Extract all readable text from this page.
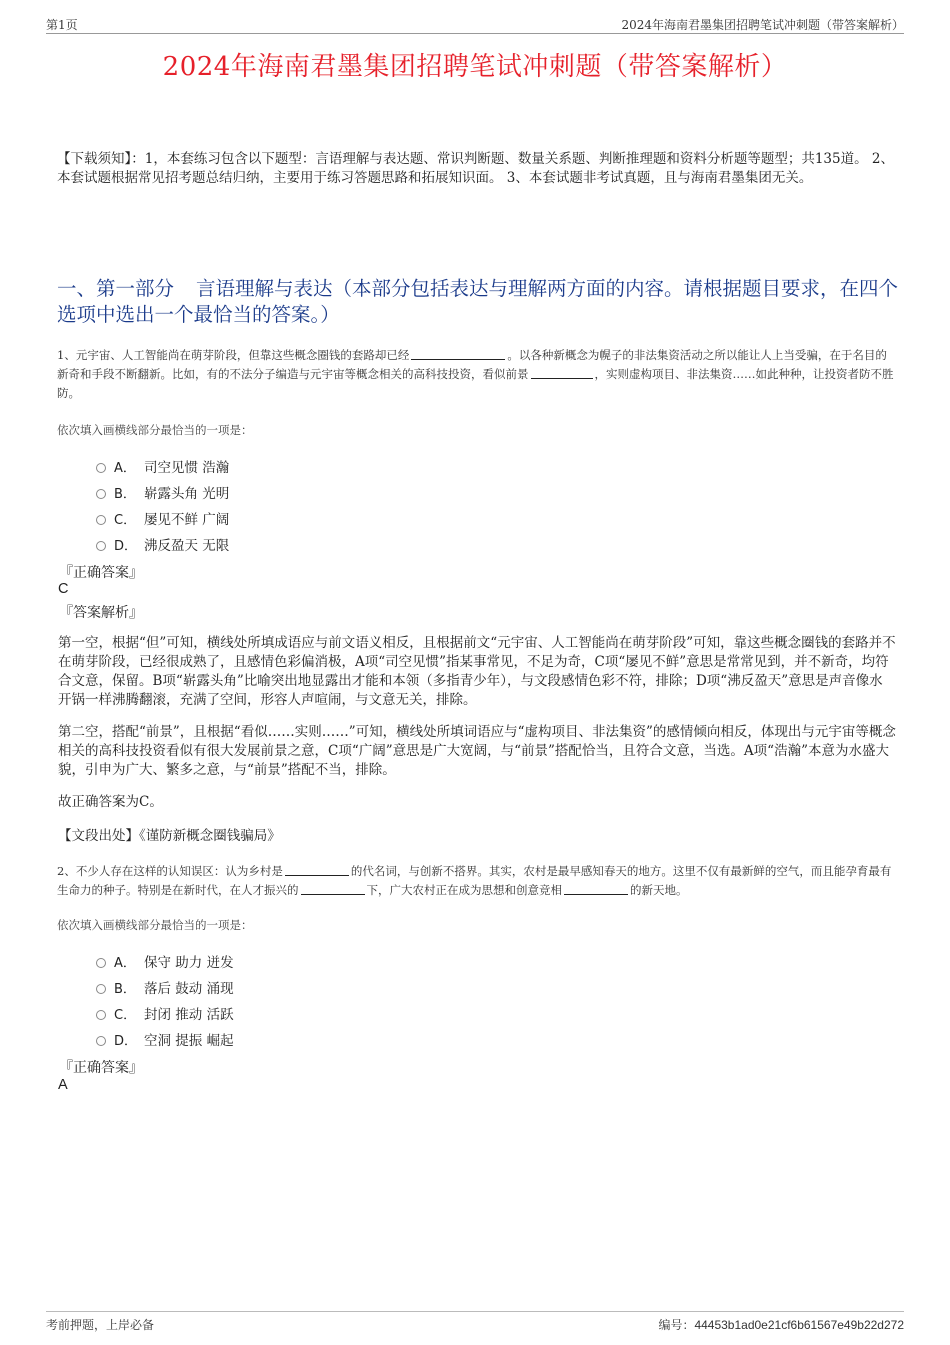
第1页	2024年海南君墨集团招聘笔试冲刺题（带答案解析）
2024年海南君墨集团招聘笔试冲刺题（带答案解析）

【下载须知】：1，本套练习包含以下题型：言语理解与表达题、常识判断题、数量关系题、判断推理题和资料分析题等题型；共135道。 2、本套试题根据常见招考题总结归纳，主要用于练习答题思路和拓展知识面。 3、本套试题非考试真题，且与海南君墨集团无关。

一、第一部分 言语理解与表达（本部分包括表达与理解两方面的内容。请根据题目要求，在四个选项中选出一个最恰当的答案。）

1、元宇宙、人工智能尚在萌芽阶段，但靠这些概念圈钱的套路却已经	。以各种新概念为幌子的非法集资活动之所以能让人上当受骗，在于名目的新奇和手段不断翻新。比如，有的不法分子编造与元宇宙等概念相关的高科技投资，看似前景	，实则虚构项目、非法集资……如此种种，让投资者防不胜防。

依次填入画横线部分最恰当的一项是：
A． 司空见惯 浩瀚
B． 崭露头角 光明
C． 屡见不鲜 广阔
D． 沸反盈天 无限
『正确答案』
C
『答案解析』

第一空，根据“但”可知，横线处所填成语应与前文语义相反，且根据前文“元宇宙、人工智能尚在萌芽阶段”可知，靠这些概念圈钱的套路并不在萌芽阶段，已经很成熟了，且感情色彩偏消极，A项“司空见惯”指某事常见，不足为奇，C项“屡见不鲜”意思是常常见到，并不新奇，均符合文意，保留。B项“崭露头角”比喻突出地显露出才能和本领（多指青少年），与文段感情色彩不符，排除；D项“沸反盈天”意思是声音像水开锅一样沸腾翻滚，充满了空间，形容人声喧闹，与文意无关，排除。

第二空，搭配“前景”，且根据“看似……实则……”可知，横线处所填词语应与“虚构项目、非法集资”的感情倾向相反，体现出与元宇宙等概念相关的高科技投资看似有很大发展前景之意，C项“广阔”意思是广大宽阔，与“前景”搭配恰当，且符合文意，当选。A项“浩瀚”本意为水盛大貌，引申为广大、繁多之意，与“前景”搭配不当，排除。

故正确答案为C。

【文段出处】《谨防新概念圈钱骗局》

2、不少人存在这样的认知误区：认为乡村是	的代名词，与创新不搭界。其实，农村是最早感知春天的地方。这里不仅有最新鲜的空气，而且能孕育最有生命力的种子。特别是在新时代，在人才振兴的	下，广大农村正在成为思想和创意竞相	的新天地。

依次填入画横线部分最恰当的一项是：
A． 保守 助力 迸发
B． 落后 鼓动 涌现
C． 封闭 推动 活跃
D． 空洞 提振 崛起
『正确答案』
A
考前押题，上岸必备	编号：44453b1ad0e21cf6b61567e49b22d272
